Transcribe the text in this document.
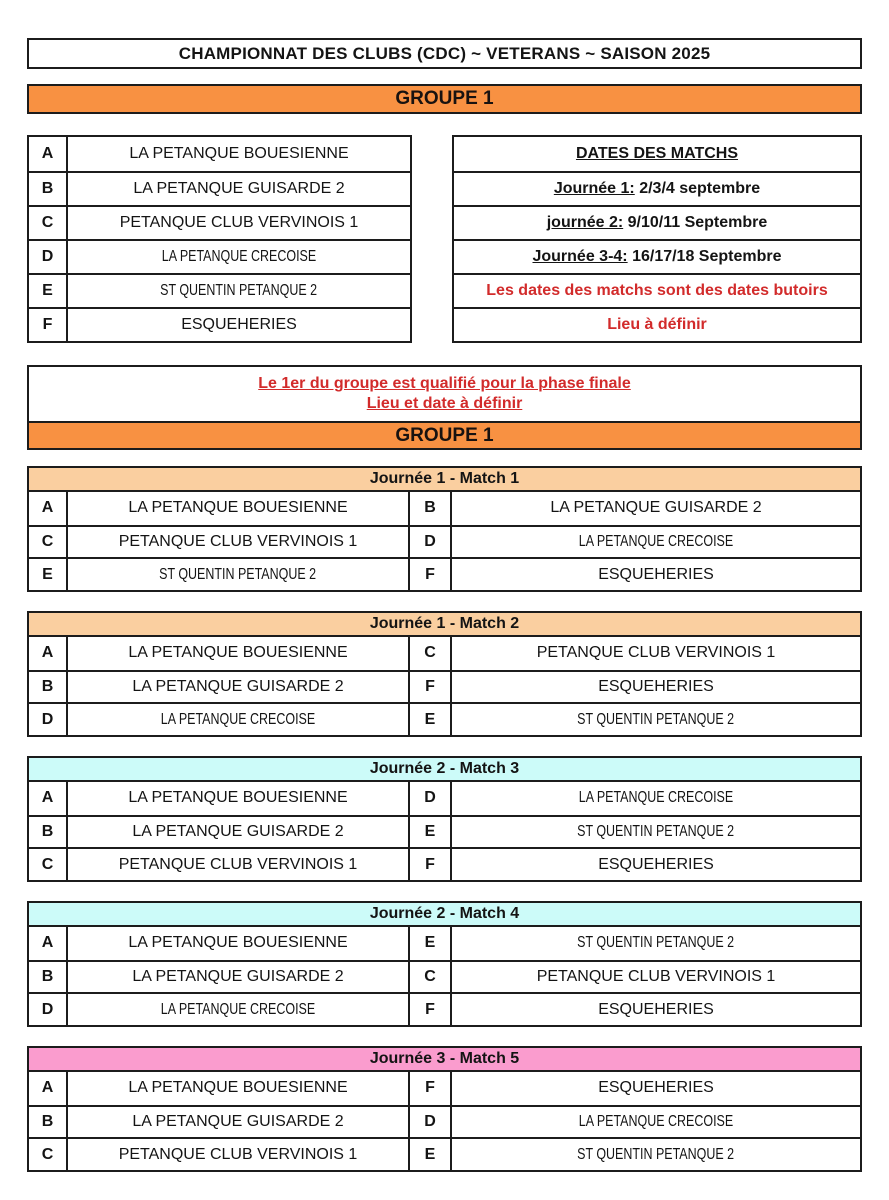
CHAMPIONNAT DES CLUBS (CDC) ~ VETERANS ~ SAISON 2025
GROUPE 1
A	LA PETANQUE BOUESIENNE
B	LA PETANQUE GUISARDE 2
C	PETANQUE CLUB VERVINOIS 1
D	LA PETANQUE CRECOISE
E	ST QUENTIN PETANQUE 2
F	ESQUEHERIES
DATES DES MATCHS
Journée 1: 2/3/4 septembre
journée 2: 9/10/11 Septembre
Journée 3-4: 16/17/18 Septembre
Les dates des matchs sont des dates butoirs
Lieu à définir
Le 1er du groupe est qualifié pour la phase finale
Lieu et date à définir
GROUPE 1
Journée 1 - Match 1
A	LA PETANQUE BOUESIENNE	B	LA PETANQUE GUISARDE 2
C	PETANQUE CLUB VERVINOIS 1	D	LA PETANQUE CRECOISE
E	ST QUENTIN PETANQUE 2	F	ESQUEHERIES
Journée 1 - Match 2
A	LA PETANQUE BOUESIENNE	C	PETANQUE CLUB VERVINOIS 1
B	LA PETANQUE GUISARDE 2	F	ESQUEHERIES
D	LA PETANQUE CRECOISE	E	ST QUENTIN PETANQUE 2
Journée 2 - Match 3
A	LA PETANQUE BOUESIENNE	D	LA PETANQUE CRECOISE
B	LA PETANQUE GUISARDE 2	E	ST QUENTIN PETANQUE 2
C	PETANQUE CLUB VERVINOIS 1	F	ESQUEHERIES
Journée 2 - Match 4
A	LA PETANQUE BOUESIENNE	E	ST QUENTIN PETANQUE 2
B	LA PETANQUE GUISARDE 2	C	PETANQUE CLUB VERVINOIS 1
D	LA PETANQUE CRECOISE	F	ESQUEHERIES
Journée 3 - Match 5
A	LA PETANQUE BOUESIENNE	F	ESQUEHERIES
B	LA PETANQUE GUISARDE 2	D	LA PETANQUE CRECOISE
C	PETANQUE CLUB VERVINOIS 1	E	ST QUENTIN PETANQUE 2
